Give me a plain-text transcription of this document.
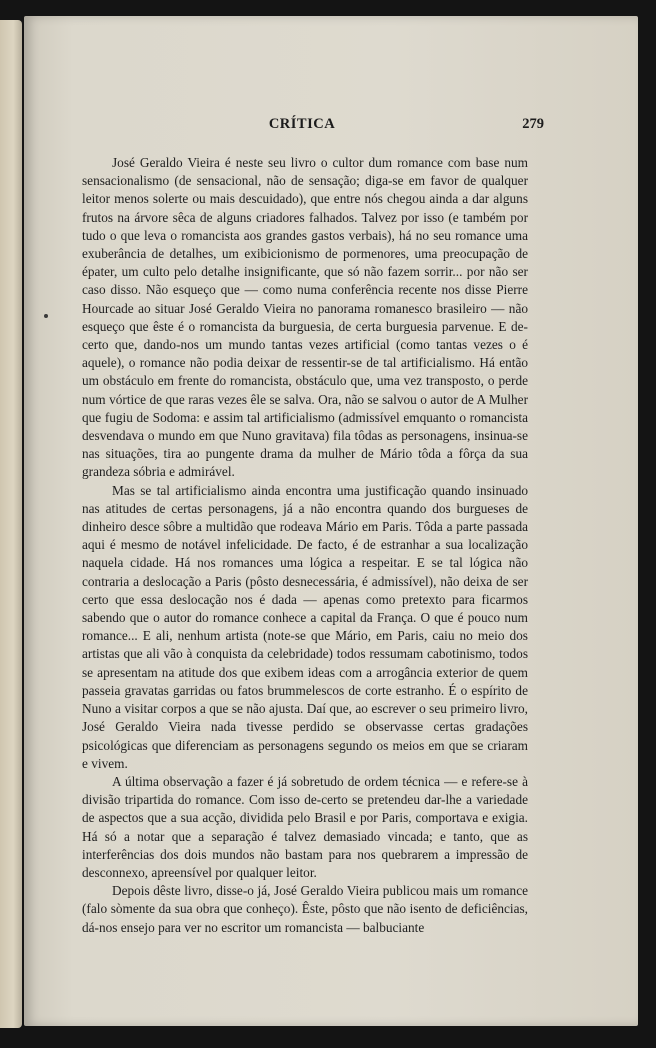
CRÍTICA	279

José Geraldo Vieira é neste seu livro o cultor dum romance com base num sensacionalismo (de sensacional, não de sensação; diga-se em favor de qualquer leitor menos solerte ou mais descuidado), que entre nós chegou ainda a dar alguns frutos na árvore sêca de alguns criadores falhados. Talvez por isso (e também por tudo o que leva o romancista aos grandes gastos verbais), há no seu romance uma exuberância de detalhes, um exibicionismo de pormenores, uma preocupação de épater, um culto pelo detalhe insignificante, que só não fazem sorrir... por não ser caso disso. Não esqueço que — como numa conferência recente nos disse Pierre Hourcade ao situar José Geraldo Vieira no panorama romanesco brasileiro — não esqueço que êste é o romancista da burguesia, de certa burguesia parvenue. E de-certo que, dando-nos um mundo tantas vezes artificial (como tantas vezes o é aquele), o romance não podia deixar de ressentir-se de tal artificialismo. Há então um obstáculo em frente do romancista, obstáculo que, uma vez transposto, o perde num vórtice de que raras vezes êle se salva. Ora, não se salvou o autor de A Mulher que fugiu de Sodoma: e assim tal artificialismo (admissível emquanto o romancista desvendava o mundo em que Nuno gravitava) fila tôdas as personagens, insinua-se nas situações, tira ao pungente drama da mulher de Mário tôda a fôrça da sua grandeza sóbria e admirável.

Mas se tal artificialismo ainda encontra uma justificação quando insinuado nas atitudes de certas personagens, já a não encontra quando dos burgueses de dinheiro desce sôbre a multidão que rodeava Mário em Paris. Tôda a parte passada aqui é mesmo de notável infelicidade. De facto, é de estranhar a sua localização naquela cidade. Há nos romances uma lógica a respeitar. E se tal lógica não contraria a deslocação a Paris (pôsto desnecessária, é admissível), não deixa de ser certo que essa deslocação nos é dada — apenas como pretexto para ficarmos sabendo que o autor do romance conhece a capital da França. O que é pouco num romance... E ali, nenhum artista (note-se que Mário, em Paris, caiu no meio dos artistas que ali vão à conquista da celebridade) todos ressumam cabotinismo, todos se apresentam na atitude dos que exibem ideas com a arrogância exterior de quem passeia gravatas garridas ou fatos brummelescos de corte estranho. É o espírito de Nuno a visitar corpos a que se não ajusta. Daí que, ao escrever o seu primeiro livro, José Geraldo Vieira nada tivesse perdido se observasse certas gradações psicológicas que diferenciam as personagens segundo os meios em que se criaram e vivem.

A última observação a fazer é já sobretudo de ordem técnica — e refere-se à divisão tripartida do romance. Com isso de-certo se pretendeu dar-lhe a variedade de aspectos que a sua acção, dividida pelo Brasil e por Paris, comportava e exigia. Há só a notar que a separação é talvez demasiado vincada; e tanto, que as interferências dos dois mundos não bastam para nos quebrarem a impressão de desconnexo, apreensível por qualquer leitor.

Depois dêste livro, disse-o já, José Geraldo Vieira publicou mais um romance (falo sòmente da sua obra que conheço). Êste, pôsto que não isento de deficiências, dá-nos ensejo para ver no escritor um romancista — balbuciante
